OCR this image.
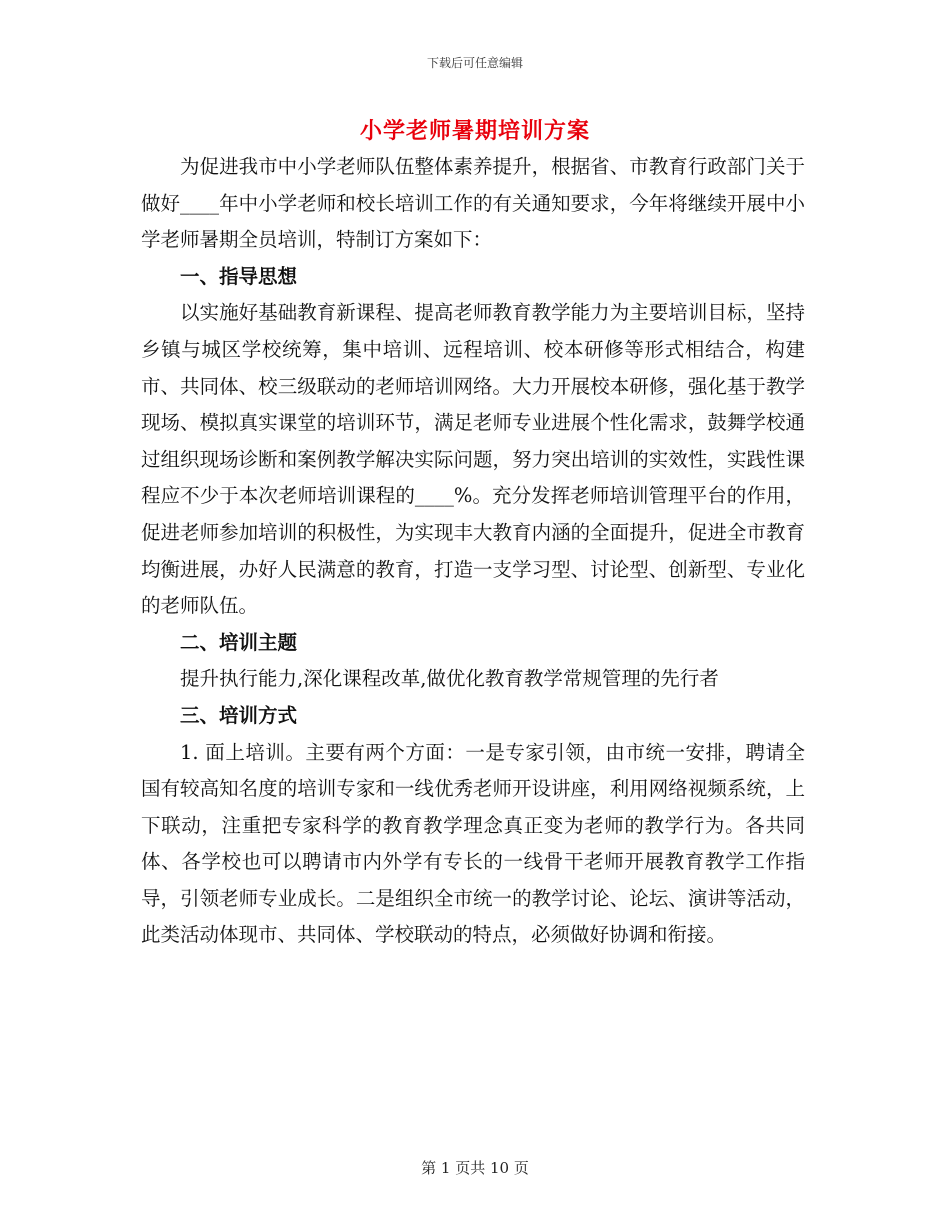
下载后可任意编辑
小学老师暑期培训方案

为促进我市中小学老师队伍整体素养提升，根据省、市教育行政部门关于做好____年中小学老师和校长培训工作的有关通知要求，今年将继续开展中小学老师暑期全员培训，特制订方案如下：

一、指导思想

以实施好基础教育新课程、提高老师教育教学能力为主要培训目标，坚持乡镇与城区学校统筹，集中培训、远程培训、校本研修等形式相结合，构建市、共同体、校三级联动的老师培训网络。大力开展校本研修，强化基于教学现场、模拟真实课堂的培训环节，满足老师专业进展个性化需求，鼓舞学校通过组织现场诊断和案例教学解决实际问题，努力突出培训的实效性，实践性课程应不少于本次老师培训课程的____%。充分发挥老师培训管理平台的作用，促进老师参加培训的积极性，为实现丰大教育内涵的全面提升，促进全市教育均衡进展，办好人民满意的教育，打造一支学习型、讨论型、创新型、专业化的老师队伍。

二、培训主题

提升执行能力,深化课程改革,做优化教育教学常规管理的先行者

三、培训方式

1. 面上培训。主要有两个方面：一是专家引领，由市统一安排，聘请全国有较高知名度的培训专家和一线优秀老师开设讲座，利用网络视频系统，上下联动，注重把专家科学的教育教学理念真正变为老师的教学行为。各共同体、各学校也可以聘请市内外学有专长的一线骨干老师开展教育教学工作指导，引领老师专业成长。二是组织全市统一的教学讨论、论坛、演讲等活动，此类活动体现市、共同体、学校联动的特点，必须做好协调和衔接。

第 1 页共 10 页
